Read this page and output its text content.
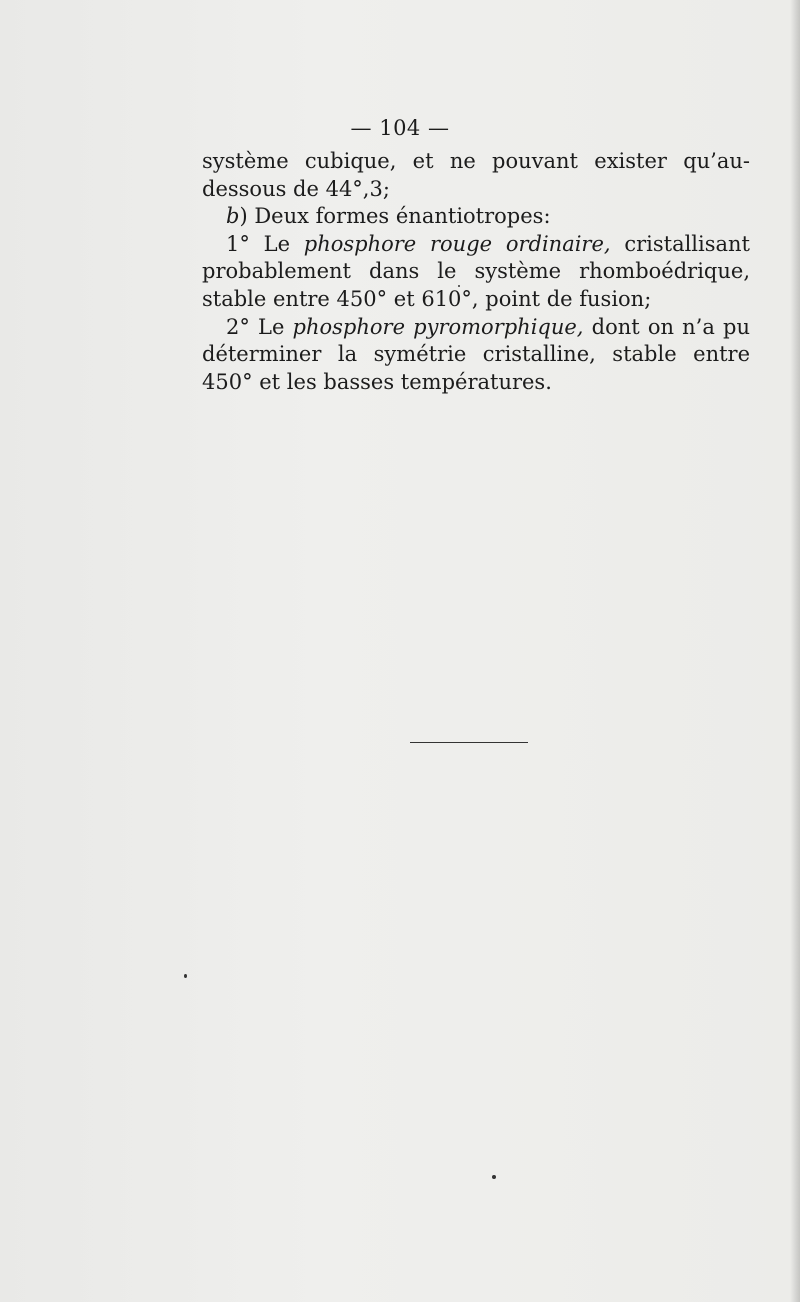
— 104 —

système cubique, et ne pouvant exister qu’au-dessous de 44°,3;

b) Deux formes énantiotropes:

1° Le phosphore rouge ordinaire, cristallisant probablement dans le système rhomboédrique, stable entre 450° et 610°, point de fusion;

2° Le phosphore pyromorphique, dont on n’a pu déterminer la symétrie cristalline, stable entre 450° et les basses températures.
